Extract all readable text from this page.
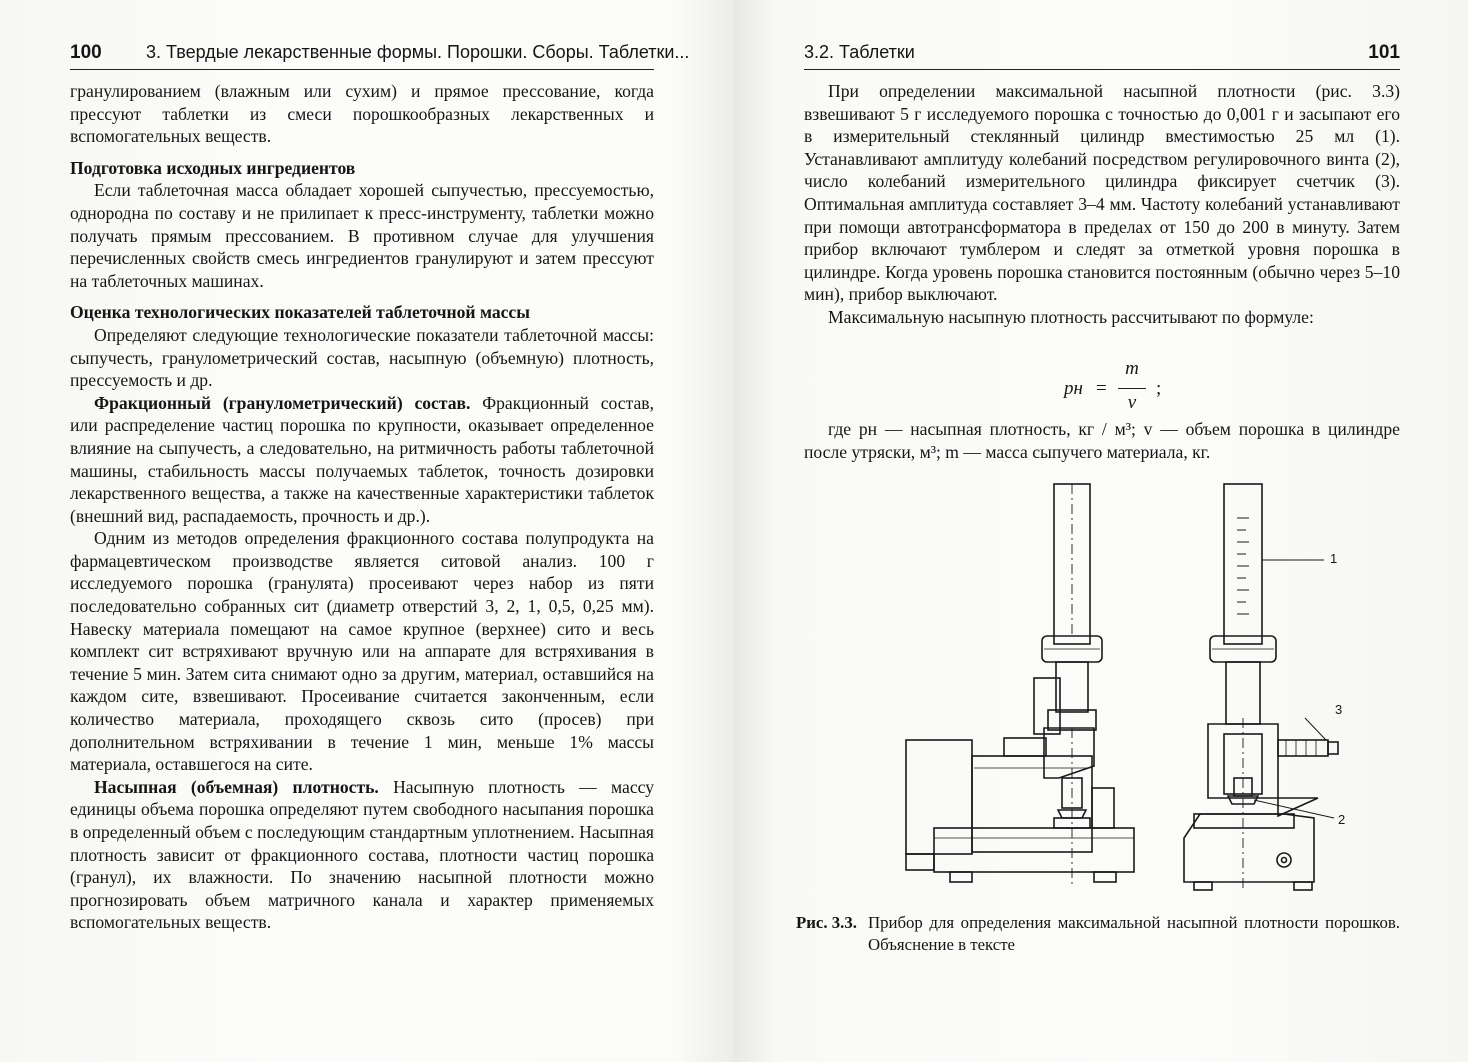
100 3. Твердые лекарственные формы. Порошки. Сборы. Таблетки...

гранулированием (влажным или сухим) и прямое прессование, когда прессуют таблетки из смеси порошкообразных лекарственных и вспомогательных веществ.

Подготовка исходных ингредиентов

Если таблеточная масса обладает хорошей сыпучестью, прессуемостью, однородна по составу и не прилипает к пресс-инструменту, таблетки можно получать прямым прессованием. В противном случае для улучшения перечисленных свойств смесь ингредиентов гранулируют и затем прессуют на таблеточных машинах.

Оценка технологических показателей таблеточной массы

Определяют следующие технологические показатели таблеточной массы: сыпучесть, гранулометрический состав, насыпную (объемную) плотность, прессуемость и др.

Фракционный (гранулометрический) состав. Фракционный состав, или распределение частиц порошка по крупности, оказывает определенное влияние на сыпучесть, а следовательно, на ритмичность работы таблеточной машины, стабильность массы получаемых таблеток, точность дозировки лекарственного вещества, а также на качественные характеристики таблеток (внешний вид, распадаемость, прочность и др.).

Одним из методов определения фракционного состава полупродукта на фармацевтическом производстве является ситовой анализ. 100 г исследуемого порошка (гранулята) просеивают через набор из пяти последовательно собранных сит (диаметр отверстий 3, 2, 1, 0,5, 0,25 мм). Навеску материала помещают на самое крупное (верхнее) сито и весь комплект сит встряхивают вручную или на аппарате для встряхивания в течение 5 мин. Затем сита снимают одно за другим, материал, оставшийся на каждом сите, взвешивают. Просеивание считается законченным, если количество материала, проходящего сквозь сито (просев) при дополнительном встряхивании в течение 1 мин, меньше 1% массы материала, оставшегося на сите.

Насыпная (объемная) плотность. Насыпную плотность — массу единицы объема порошка определяют путем свободного насыпания порошка в определенный объем с последующим стандартным уплотнением. Насыпная плотность зависит от фракционного состава, плотности частиц порошка (гранул), их влажности. По значению насыпной плотности можно прогнозировать объем матричного канала и характер применяемых вспомогательных веществ.

3.2. Таблетки	101

При определении максимальной насыпной плотности (рис. 3.3) взвешивают 5 г исследуемого порошка с точностью до 0,001 г и засыпают его в измерительный стеклянный цилиндр вместимостью 25 мл (1). Устанавливают амплитуду колебаний посредством регулировочного винта (2), число колебаний измерительного цилиндра фиксирует счетчик (3). Оптимальная амплитуда составляет 3–4 мм. Частоту колебаний устанавливают при помощи автотрансформатора в пределах от 150 до 200 в минуту. Затем прибор включают тумблером и следят за отметкой уровня порошка в цилиндре. Когда уровень порошка становится постоянным (обычно через 5–10 мин), прибор выключают.

Максимальную насыпную плотность рассчитывают по формуле:

pн =
m
v
;

где pн — насыпная плотность, кг / м³; v — объем порошка в цилиндре после утряски, м³; m — масса сыпучего материала, кг.

1
3
2
Рис. 3.3. Прибор для определения максимальной насыпной плотности порошков. Объяснение в тексте
